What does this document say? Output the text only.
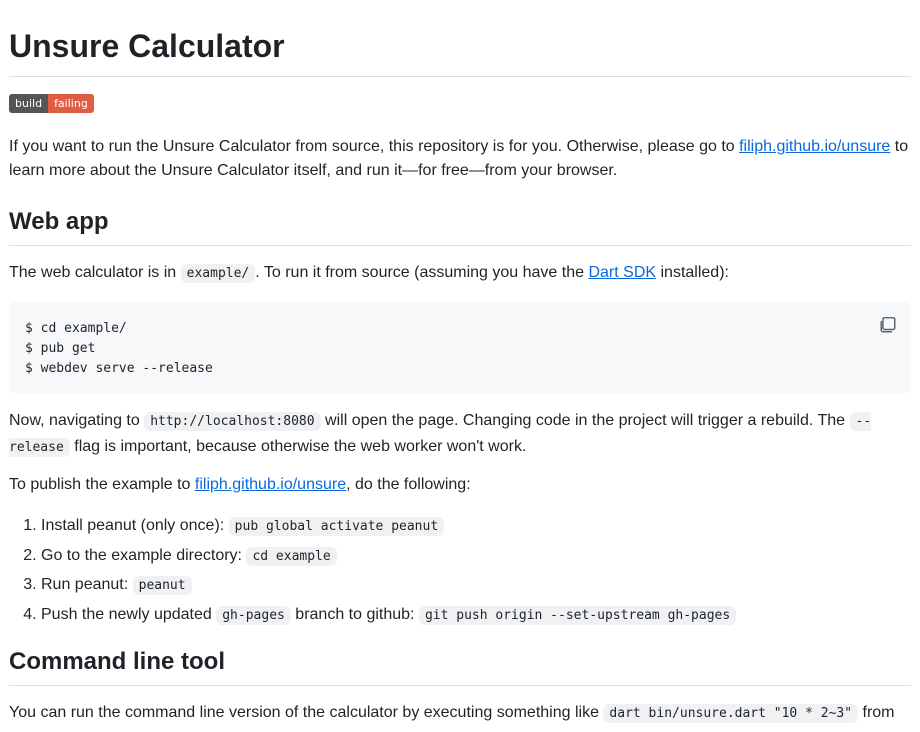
Unsure Calculator
build	failing

If you want to run the Unsure Calculator from source, this repository is for you. Otherwise, please go to filiph.github.io/unsure to learn more about the Unsure Calculator itself, and run it—for free—from your browser.

Web app

The web calculator is in example/ . To run it from source (assuming you have the Dart SDK installed):

$ cd example/
$ pub get
$ webdev serve --release

Now, navigating to http://localhost:8080 will open the page. Changing code in the project will trigger a rebuild. The --release flag is important, because otherwise the web worker won't work.

To publish the example to filiph.github.io/unsure, do the following:

1. Install peanut (only once): pub global activate peanut
2. Go to the example directory: cd example
3. Run peanut: peanut
4. Push the newly updated gh-pages branch to github: git push origin --set-upstream gh-pages
Command line tool

You can run the command line version of the calculator by executing something like dart bin/unsure.dart "10 * 2~3" from
